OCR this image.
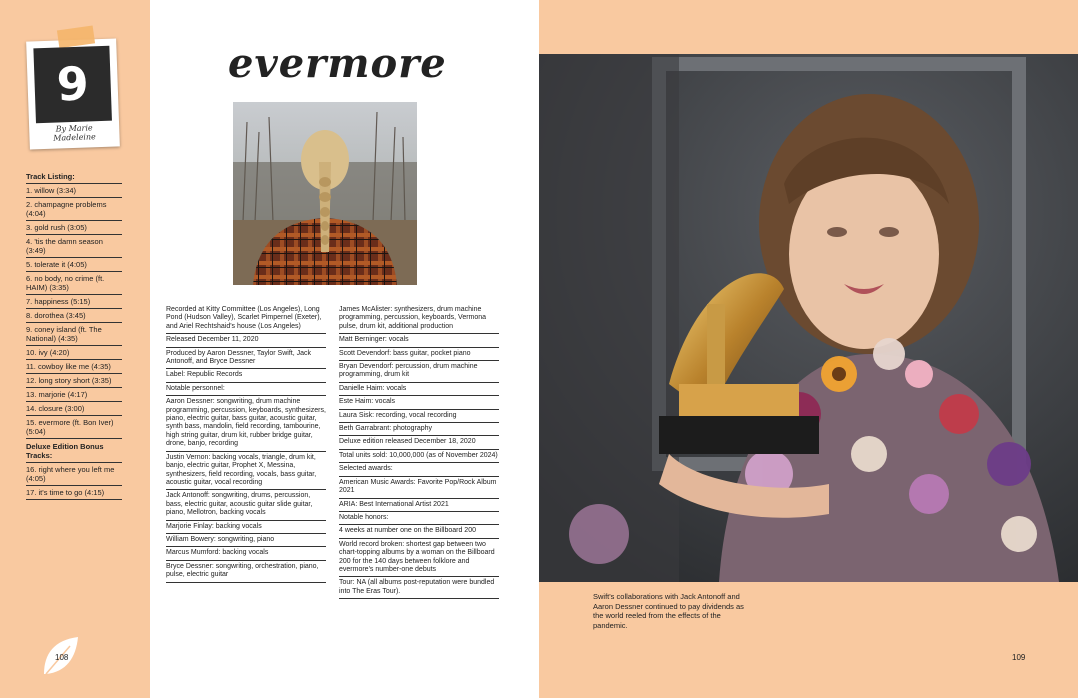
9
By Marie Madeleine
Track Listing:
1. willow (3:34)
2. champagne problems (4:04)
3. gold rush (3:05)
4. 'tis the damn season (3:49)
5. tolerate it (4:05)
6. no body, no crime (ft. HAIM) (3:35)
7. happiness (5:15)
8. dorothea (3:45)
9. coney island (ft. The National) (4:35)
10. ivy (4:20)
11. cowboy like me (4:35)
12. long story short (3:35)
13. marjorie (4:17)
14. closure (3:00)
15. evermore (ft. Bon Iver) (5:04)
Deluxe Edition Bonus Tracks:
16. right where you left me (4:05)
17. it's time to go (4:15)
108
evermore
Recorded at Kitty Committee (Los Angeles), Long Pond (Hudson Valley), Scarlet Pimpernel (Exeter), and Ariel Rechtshaid's house (Los Angeles)
Released December 11, 2020
Produced by Aaron Dessner, Taylor Swift, Jack Antonoff, and Bryce Dessner
Label: Republic Records
Notable personnel:
Aaron Dessner: songwriting, drum machine programming, percussion, keyboards, synthesizers, piano, electric guitar, bass guitar, acoustic guitar, synth bass, mandolin, field recording, tambourine, high string guitar, drum kit, rubber bridge guitar, drone, banjo, recording
Justin Vernon: backing vocals, triangle, drum kit, banjo, electric guitar, Prophet X, Messina, synthesizers, field recording, vocals, bass guitar, acoustic guitar, vocal recording
Jack Antonoff: songwriting, drums, percussion, bass, electric guitar, acoustic guitar slide guitar, piano, Mellotron, backing vocals
Marjorie Finlay: backing vocals
William Bowery: songwriting, piano
Marcus Mumford: backing vocals
Bryce Dessner: songwriting, orchestration, piano, pulse, electric guitar
James McAlister: synthesizers, drum machine programming, percussion, keyboards, Vermona pulse, drum kit, additional production
Matt Berninger: vocals
Scott Devendorf: bass guitar, pocket piano
Bryan Devendorf: percussion, drum machine programming, drum kit
Danielle Haim: vocals
Este Haim: vocals
Laura Sisk: recording, vocal recording
Beth Garrabrant: photography
Deluxe edition released December 18, 2020
Total units sold: 10,000,000 (as of November 2024)
Selected awards:
American Music Awards: Favorite Pop/Rock Album 2021
ARIA: Best International Artist 2021
Notable honors:
4 weeks at number one on the Billboard 200
World record broken: shortest gap between two chart-topping albums by a woman on the Billboard 200 for the 140 days between folklore and evermore's number-one debuts
Tour: NA (all albums post-reputation were bundled into The Eras Tour).
Swift's collaborations with Jack Antonoff and Aaron Dessner continued to pay dividends as the world reeled from the effects of the pandemic.
109
